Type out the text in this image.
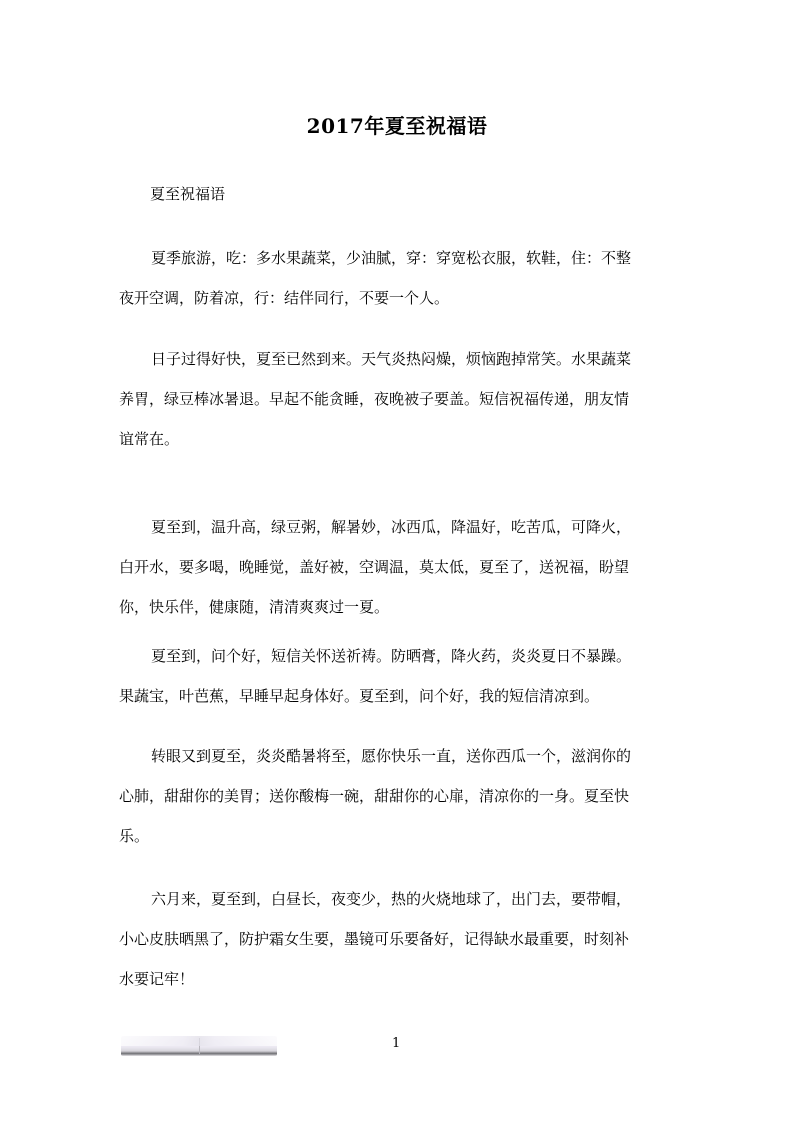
2017年夏至祝福语
夏至祝福语
夏季旅游，吃：多水果蔬菜，少油腻，穿：穿宽松衣服，软鞋，住：不整
夜开空调，防着凉，行：结伴同行，不要一个人。
日子过得好快，夏至已然到来。天气炎热闷燥，烦恼跑掉常笑。水果蔬菜
养胃，绿豆棒冰暑退。早起不能贪睡，夜晚被子要盖。短信祝福传递，朋友情
谊常在。
夏至到，温升高，绿豆粥，解暑妙，冰西瓜，降温好，吃苦瓜，可降火，
白开水，要多喝，晚睡觉，盖好被，空调温，莫太低，夏至了，送祝福，盼望
你，快乐伴，健康随，清清爽爽过一夏。
夏至到，问个好，短信关怀送祈祷。防晒膏，降火药，炎炎夏日不暴躁。
果蔬宝，叶芭蕉，早睡早起身体好。夏至到，问个好，我的短信清凉到。
转眼又到夏至，炎炎酷暑将至，愿你快乐一直，送你西瓜一个，滋润你的
心肺，甜甜你的美胃；送你酸梅一碗，甜甜你的心扉，清凉你的一身。夏至快
乐。
六月来，夏至到，白昼长，夜变少，热的火烧地球了，出门去，要带帽，
小心皮肤晒黑了，防护霜女生要，墨镜可乐要备好，记得缺水最重要，时刻补
水要记牢！
1
